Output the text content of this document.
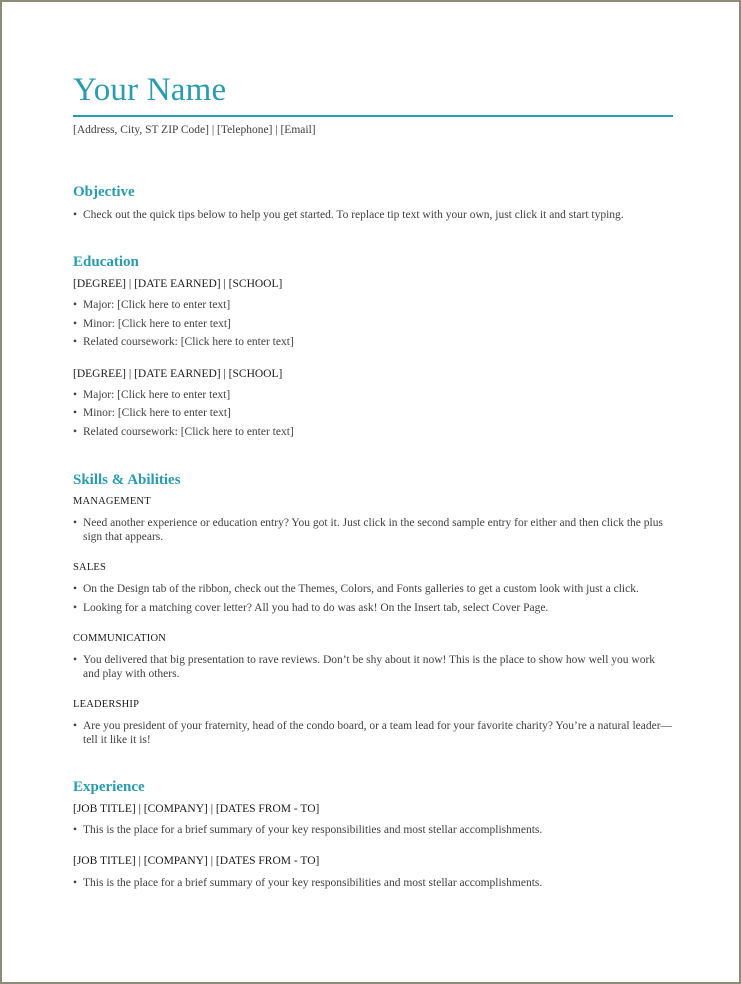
Your Name
[Address, City, ST ZIP Code] | [Telephone] | [Email]
Objective
• Check out the quick tips below to help you get started. To replace tip text with your own, just click it and start typing.
Education
[DEGREE] | [DATE EARNED] | [SCHOOL]
• Major: [Click here to enter text]
• Minor: [Click here to enter text]
• Related coursework: [Click here to enter text]
[DEGREE] | [DATE EARNED] | [SCHOOL]
• Major: [Click here to enter text]
• Minor: [Click here to enter text]
• Related coursework: [Click here to enter text]
Skills & Abilities
MANAGEMENT
• Need another experience or education entry? You got it. Just click in the second sample entry for either and then click the plus sign that appears.
SALES
• On the Design tab of the ribbon, check out the Themes, Colors, and Fonts galleries to get a custom look with just a click.
• Looking for a matching cover letter? All you had to do was ask! On the Insert tab, select Cover Page.
COMMUNICATION
• You delivered that big presentation to rave reviews. Don’t be shy about it now! This is the place to show how well you work and play with others.
LEADERSHIP
• Are you president of your fraternity, head of the condo board, or a team lead for your favorite charity? You’re a natural leader—tell it like it is!
Experience
[JOB TITLE] | [COMPANY] | [DATES FROM - TO]
• This is the place for a brief summary of your key responsibilities and most stellar accomplishments.
[JOB TITLE] | [COMPANY] | [DATES FROM - TO]
• This is the place for a brief summary of your key responsibilities and most stellar accomplishments.
